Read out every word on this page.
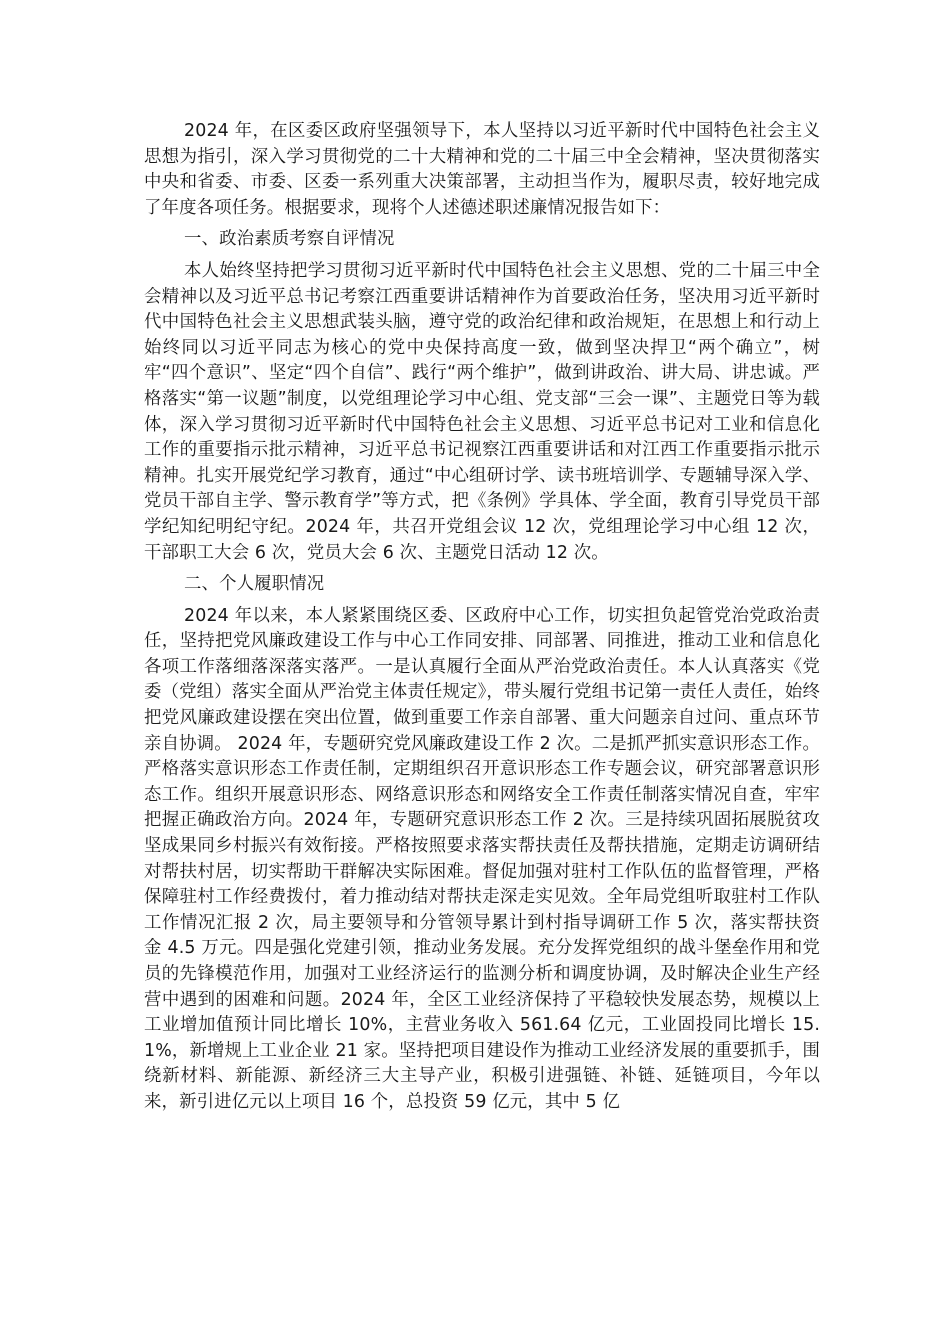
2024 年，在区委区政府坚强领导下，本人坚持以习近平新时代中国特色社会主义思想为指引，深入学习贯彻党的二十大精神和党的二十届三中全会精神，坚决贯彻落实中央和省委、市委、区委一系列重大决策部署，主动担当作为，履职尽责，较好地完成了年度各项任务。根据要求，现将个人述德述职述廉情况报告如下：

一、政治素质考察自评情况

本人始终坚持把学习贯彻习近平新时代中国特色社会主义思想、党的二十届三中全会精神以及习近平总书记考察江西重要讲话精神作为首要政治任务，坚决用习近平新时代中国特色社会主义思想武装头脑，遵守党的政治纪律和政治规矩，在思想上和行动上始终同以习近平同志为核心的党中央保持高度一致，做到坚决捍卫“两个确立”，树牢“四个意识”、坚定“四个自信”、践行“两个维护”，做到讲政治、讲大局、讲忠诚。严格落实“第一议题”制度，以党组理论学习中心组、党支部“三会一课”、主题党日等为载体，深入学习贯彻习近平新时代中国特色社会主义思想、习近平总书记对工业和信息化工作的重要指示批示精神，习近平总书记视察江西重要讲话和对江西工作重要指示批示精神。扎实开展党纪学习教育，通过“中心组研讨学、读书班培训学、专题辅导深入学、党员干部自主学、警示教育学”等方式，把《条例》学具体、学全面，教育引导党员干部学纪知纪明纪守纪。2024 年，共召开党组会议 12 次，党组理论学习中心组 12 次，干部职工大会 6 次，党员大会 6 次、主题党日活动 12 次。

二、个人履职情况

2024 年以来，本人紧紧围绕区委、区政府中心工作，切实担负起管党治党政治责任，坚持把党风廉政建设工作与中心工作同安排、同部署、同推进，推动工业和信息化各项工作落细落深落实落严。一是认真履行全面从严治党政治责任。本人认真落实《党委（党组）落实全面从严治党主体责任规定》，带头履行党组书记第一责任人责任，始终把党风廉政建设摆在突出位置，做到重要工作亲自部署、重大问题亲自过问、重点环节亲自协调。 2024 年，专题研究党风廉政建设工作 2 次。二是抓严抓实意识形态工作。严格落实意识形态工作责任制，定期组织召开意识形态工作专题会议，研究部署意识形态工作。组织开展意识形态、网络意识形态和网络安全工作责任制落实情况自查，牢牢把握正确政治方向。2024 年，专题研究意识形态工作 2 次。三是持续巩固拓展脱贫攻坚成果同乡村振兴有效衔接。严格按照要求落实帮扶责任及帮扶措施，定期走访调研结对帮扶村居，切实帮助干群解决实际困难。督促加强对驻村工作队伍的监督管理，严格保障驻村工作经费拨付，着力推动结对帮扶走深走实见效。全年局党组听取驻村工作队工作情况汇报 2 次，局主要领导和分管领导累计到村指导调研工作 5 次，落实帮扶资金 4.5 万元。四是强化党建引领，推动业务发展。充分发挥党组织的战斗堡垒作用和党员的先锋模范作用，加强对工业经济运行的监测分析和调度协调，及时解决企业生产经营中遇到的困难和问题。2024 年，全区工业经济保持了平稳较快发展态势，规模以上工业增加值预计同比增长 10%，主营业务收入 561.64 亿元，工业固投同比增长 15.1%，新增规上工业企业 21 家。坚持把项目建设作为推动工业经济发展的重要抓手，围绕新材料、新能源、新经济三大主导产业，积极引进强链、补链、延链项目，今年以来，新引进亿元以上项目 16 个，总投资 59 亿元，其中 5 亿
